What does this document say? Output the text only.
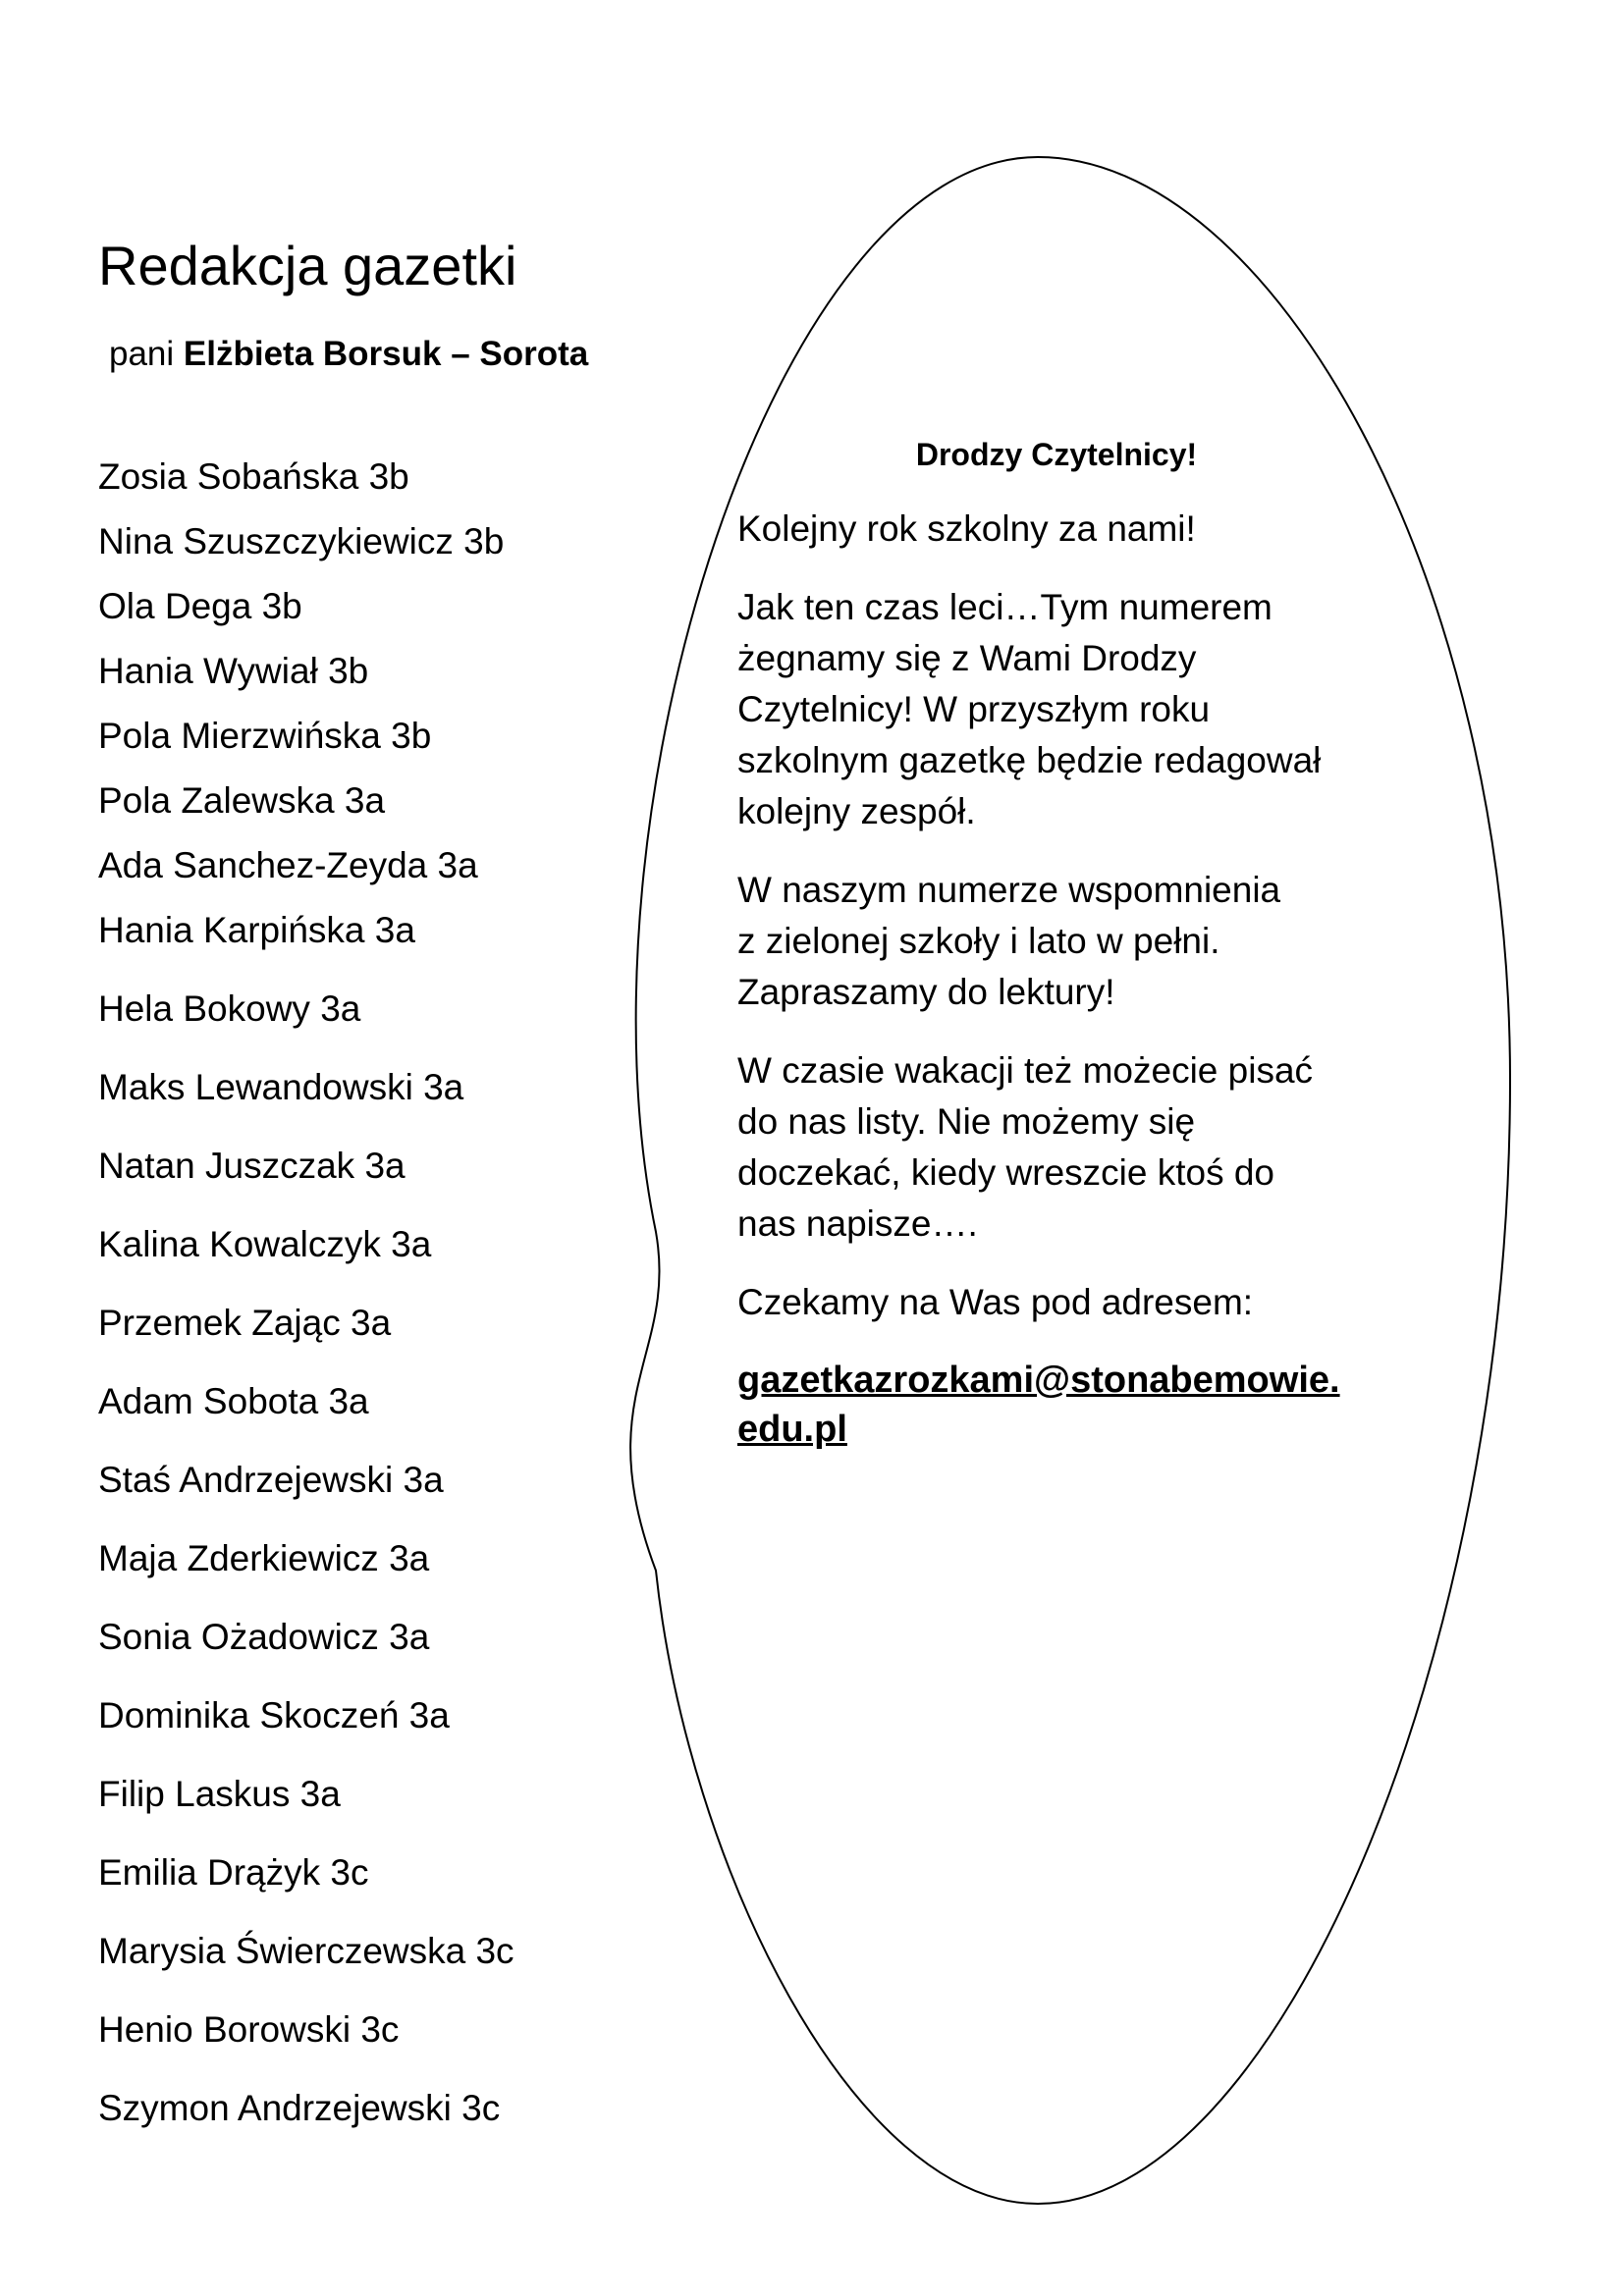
Redakcja gazetki
pani Elżbieta Borsuk – Sorota
Zosia Sobańska 3b
Nina Szuszczykiewicz 3b
Ola Dega 3b
Hania Wywiał 3b
Pola Mierzwińska 3b
Pola Zalewska 3a
Ada Sanchez-Zeyda 3a
Hania Karpińska 3a
Hela Bokowy 3a
Maks Lewandowski 3a
Natan Juszczak 3a
Kalina Kowalczyk 3a
Przemek Zając 3a
Adam Sobota 3a
Staś Andrzejewski 3a
Maja Zderkiewicz 3a
Sonia Ożadowicz 3a
Dominika Skoczeń 3a
Filip Laskus 3a
Emilia Drążyk 3c
Marysia Świerczewska 3c
Henio Borowski 3c
Szymon Andrzejewski 3c
Drodzy Czytelnicy!

Kolejny rok szkolny za nami!

Jak ten czas leci…Tym numerem
żegnamy się z Wami Drodzy
Czytelnicy! W przyszłym roku
szkolnym gazetkę będzie redagował
kolejny zespół.

W naszym numerze wspomnienia
z zielonej szkoły i lato w pełni.
Zapraszamy do lektury!

W czasie wakacji też możecie pisać
do nas listy. Nie możemy się
doczekać, kiedy wreszcie ktoś do
nas napisze….

Czekamy na Was pod adresem:

gazetkazrozkami@stonabemowie.
edu.pl
